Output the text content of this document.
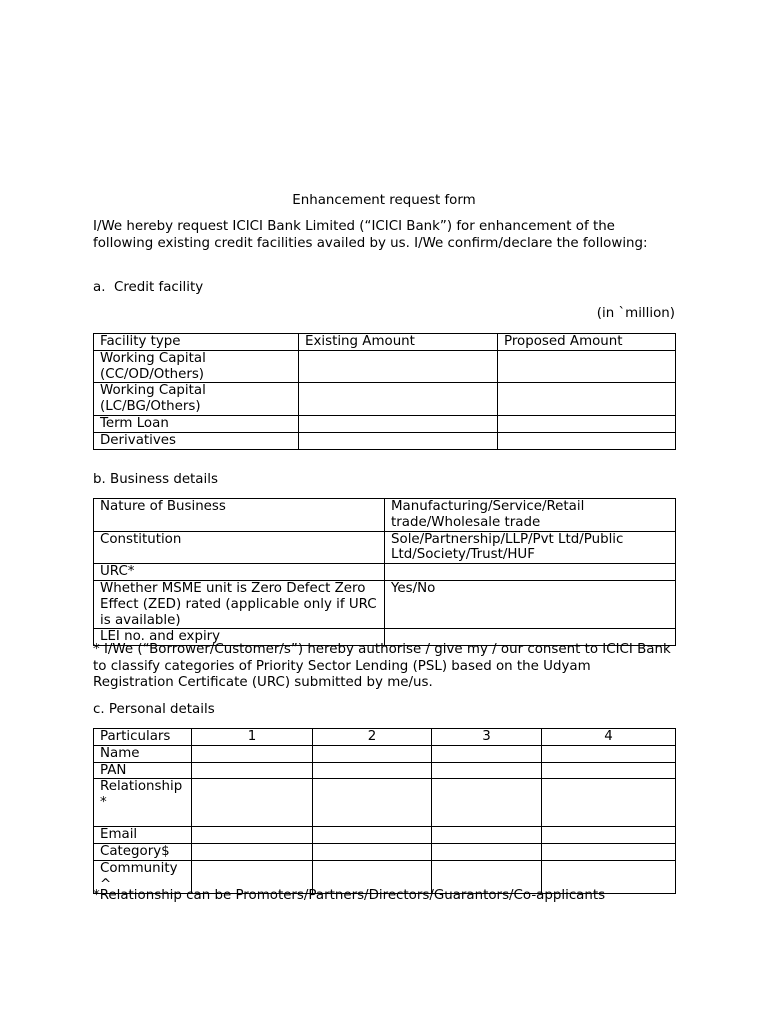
Enhancement request form
I/We hereby request ICICI Bank Limited (“ICICI Bank”) for enhancement of the following existing credit facilities availed by us. I/We confirm/declare the following:
a.  Credit facility
(in `million)
Facility type	Existing Amount	Proposed Amount
Working Capital (CC/OD/Others)		
Working Capital (LC/BG/Others)		
Term Loan		
Derivatives		
b. Business details
Nature of Business	Manufacturing/Service/Retail trade/Wholesale trade
Constitution	Sole/Partnership/LLP/Pvt Ltd/Public Ltd/Society/Trust/HUF
URC*	
Whether MSME unit is Zero Defect Zero Effect (ZED) rated (applicable only if URC is available)	Yes/No
LEI no. and expiry	
* I/We (“Borrower/Customer/s”) hereby authorise / give my / our consent to ICICI Bank to classify categories of Priority Sector Lending (PSL) based on the Udyam Registration Certificate (URC) submitted by me/us.
c. Personal details
Particulars	1	2	3	4
Name				
PAN				
Relationship*				
Email				
Category$				
Community ^				
*Relationship can be Promoters/Partners/Directors/Guarantors/Co-applicants
